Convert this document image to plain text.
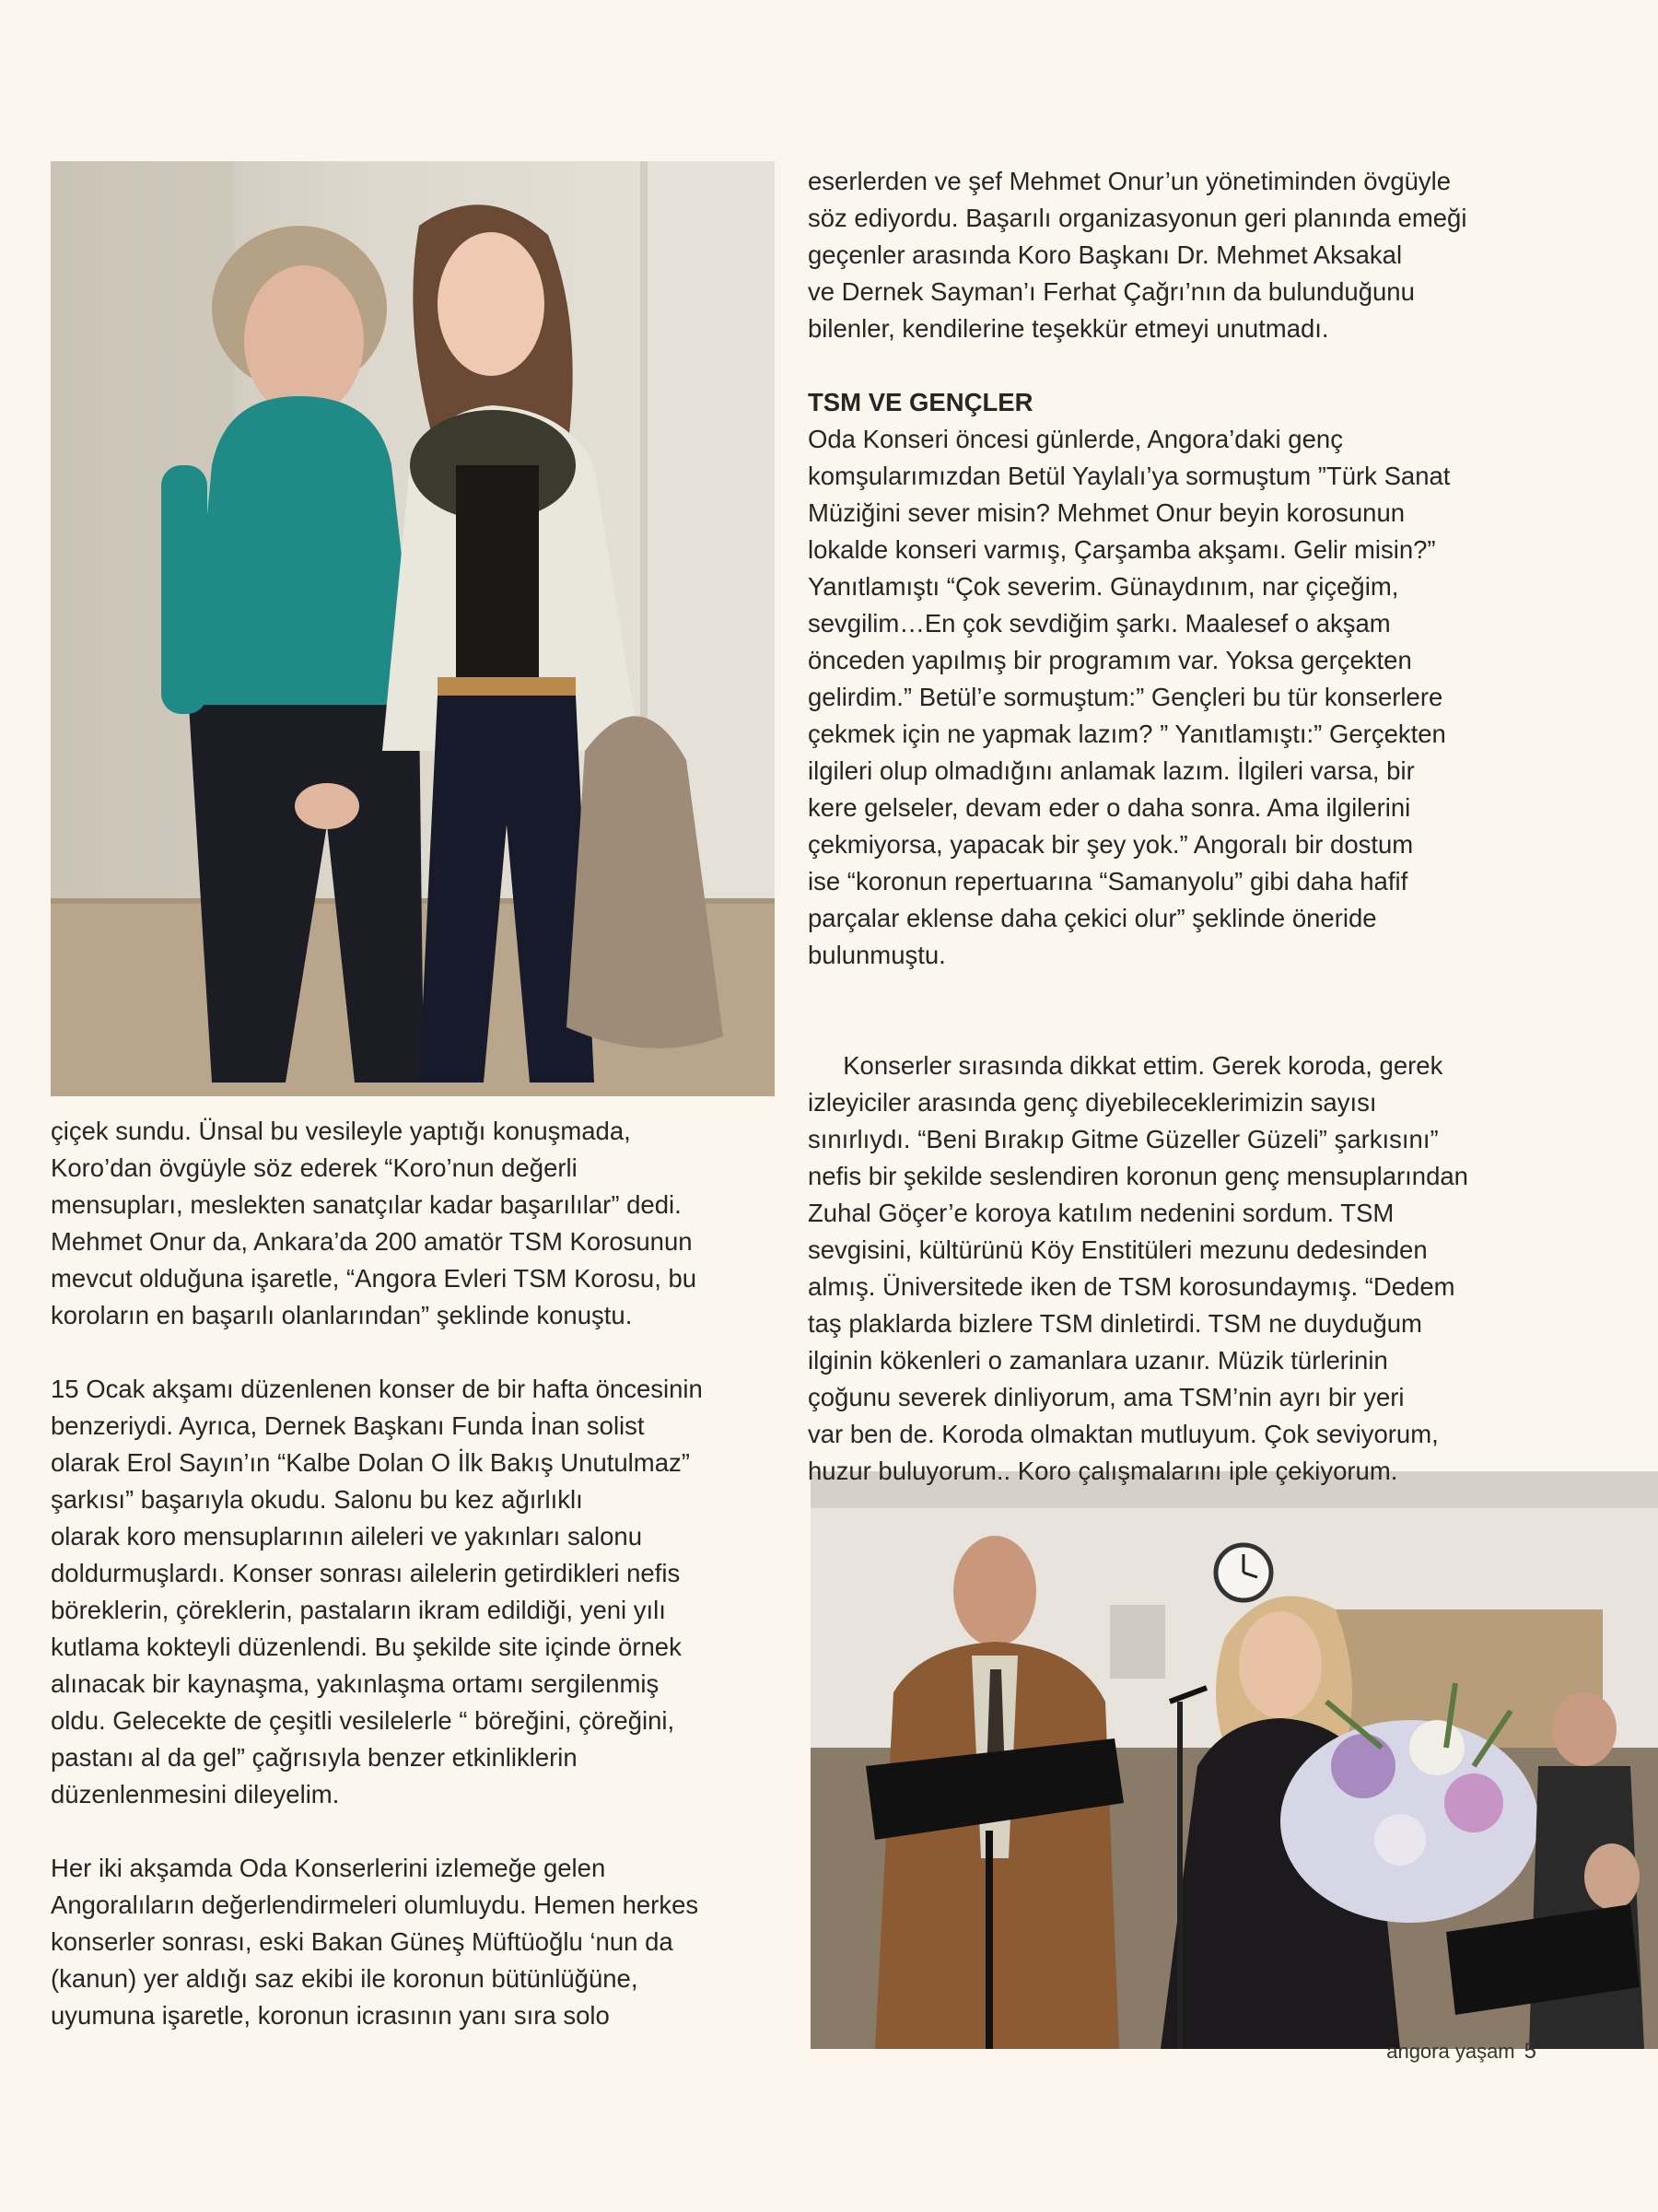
çiçek sundu. Ünsal bu vesileyle yaptığı konuşmada,
Koro’dan övgüyle söz ederek “Koro’nun değerli
mensupları, meslekten sanatçılar kadar başarılılar” dedi.
Mehmet Onur da, Ankara’da 200 amatör TSM Korosunun
mevcut olduğuna işaretle, “Angora Evleri TSM Korosu, bu
koroların en başarılı olanlarından” şeklinde konuştu.

15 Ocak akşamı düzenlenen konser de bir hafta öncesinin
benzeriydi. Ayrıca, Dernek Başkanı Funda İnan solist
olarak Erol Sayın’ın “Kalbe Dolan O İlk Bakış Unutulmaz”
şarkısı” başarıyla okudu. Salonu bu kez ağırlıklı
olarak koro mensuplarının aileleri ve yakınları salonu
doldurmuşlardı. Konser sonrası ailelerin getirdikleri nefis
böreklerin, çöreklerin, pastaların ikram edildiği, yeni yılı
kutlama kokteyli düzenlendi. Bu şekilde site içinde örnek
alınacak bir kaynaşma, yakınlaşma ortamı sergilenmiş
oldu. Gelecekte de çeşitli vesilelerle “ böreğini, çöreğini,
pastanı al da gel” çağrısıyla benzer etkinliklerin
düzenlenmesini dileyelim.

Her iki akşamda Oda Konserlerini izlemeğe gelen
Angoralıların değerlendirmeleri olumluydu. Hemen herkes
konserler sonrası, eski Bakan Güneş Müftüoğlu ‘nun da
(kanun) yer aldığı saz ekibi ile koronun bütünlüğüne,
uyumuna işaretle, koronun icrasının yanı sıra solo

eserlerden ve şef Mehmet Onur’un yönetiminden övgüyle
söz ediyordu. Başarılı organizasyonun geri planında emeği
geçenler arasında Koro Başkanı Dr. Mehmet Aksakal
ve Dernek Sayman’ı Ferhat Çağrı’nın da bulunduğunu
bilenler, kendilerine teşekkür etmeyi unutmadı.

TSM VE GENÇLER

Oda Konseri öncesi günlerde, Angora’daki genç
komşularımızdan Betül Yaylalı’ya sormuştum ”Türk Sanat
Müziğini sever misin? Mehmet Onur beyin korosunun
lokalde konseri varmış, Çarşamba akşamı. Gelir misin?”
Yanıtlamıştı “Çok severim. Günaydınım, nar çiçeğim,
sevgilim…En çok sevdiğim şarkı. Maalesef o akşam
önceden yapılmış bir programım var. Yoksa gerçekten
gelirdim.” Betül’e sormuştum:” Gençleri bu tür konserlere
çekmek için ne yapmak lazım? ” Yanıtlamıştı:” Gerçekten
ilgileri olup olmadığını anlamak lazım. İlgileri varsa, bir
kere gelseler, devam eder o daha sonra. Ama ilgilerini
çekmiyorsa, yapacak bir şey yok.” Angoralı bir dostum
ise “koronun repertuarına “Samanyolu” gibi daha hafif
parçalar eklense daha çekici olur” şeklinde öneride
bulunmuştu.

Konserler sırasında dikkat ettim. Gerek koroda, gerek
izleyiciler arasında genç diyebileceklerimizin sayısı
sınırlıydı. “Beni Bırakıp Gitme Güzeller Güzeli” şarkısını”
nefis bir şekilde seslendiren koronun genç mensuplarından
Zuhal Göçer’e koroya katılım nedenini sordum. TSM
sevgisini, kültürünü Köy Enstitüleri mezunu dedesinden
almış. Üniversitede iken de TSM korosundaymış. “Dedem
taş plaklarda bizlere TSM dinletirdi. TSM ne duyduğum
ilginin kökenleri o zamanlara uzanır. Müzik türlerinin
çoğunu severek dinliyorum, ama TSM’nin ayrı bir yeri
var ben de. Koroda olmaktan mutluyum. Çok seviyorum,
huzur buluyorum.. Koro çalışmalarını iple çekiyorum.

angora yaşam 5
